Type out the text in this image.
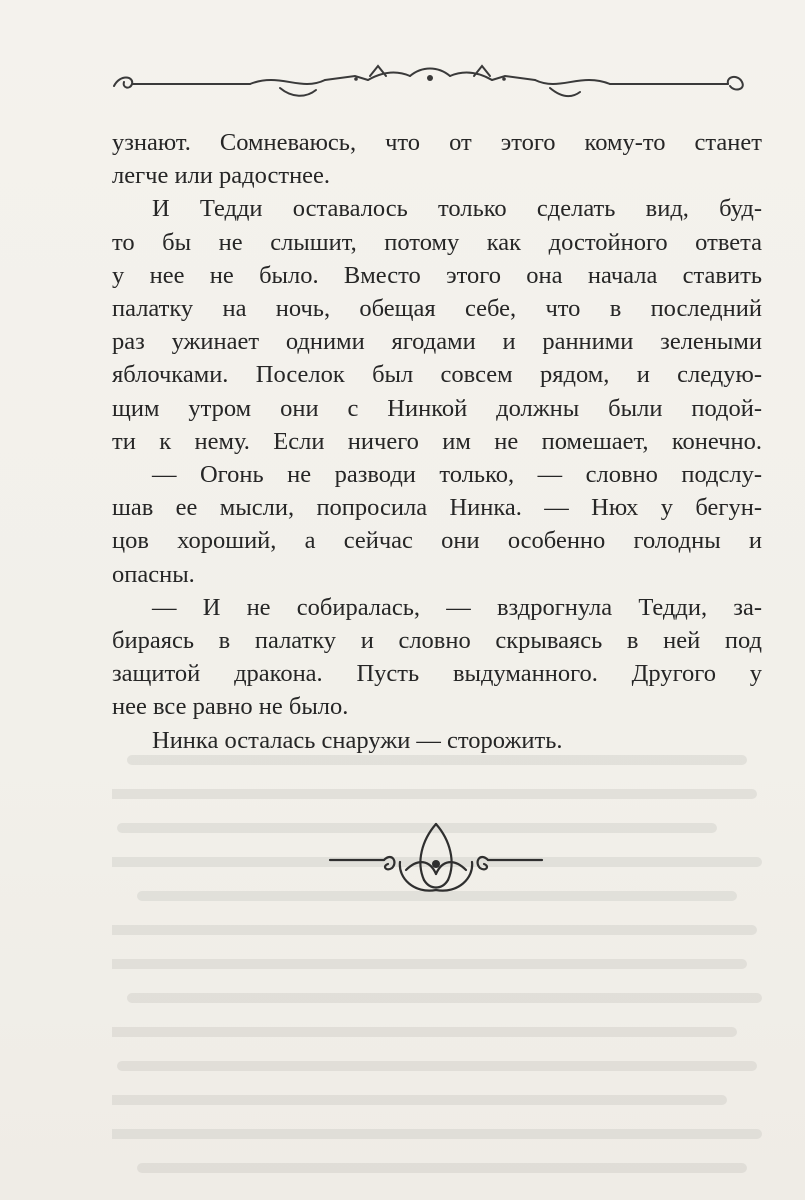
узнают. Сомневаюсь, что от этого кому-то станет
легче или радостнее.
И Тедди оставалось только сделать вид, буд-
то бы не слышит, потому как достойного ответа
у нее не было. Вместо этого она начала ставить
палатку на ночь, обещая себе, что в последний
раз ужинает одними ягодами и ранними зелеными
яблочками. Поселок был совсем рядом, и следую-
щим утром они с Нинкой должны были подой-
ти к нему. Если ничего им не помешает, конечно.
— Огонь не разводи только, — словно подслу-
шав ее мысли, попросила Нинка. — Нюх у бегун-
цов хороший, а сейчас они особенно голодны и
опасны.
— И не собиралась, — вздрогнула Тедди, за-
бираясь в палатку и словно скрываясь в ней под
защитой дракона. Пусть выдуманного. Другого у
нее все равно не было.
Нинка осталась снаружи — сторожить.
